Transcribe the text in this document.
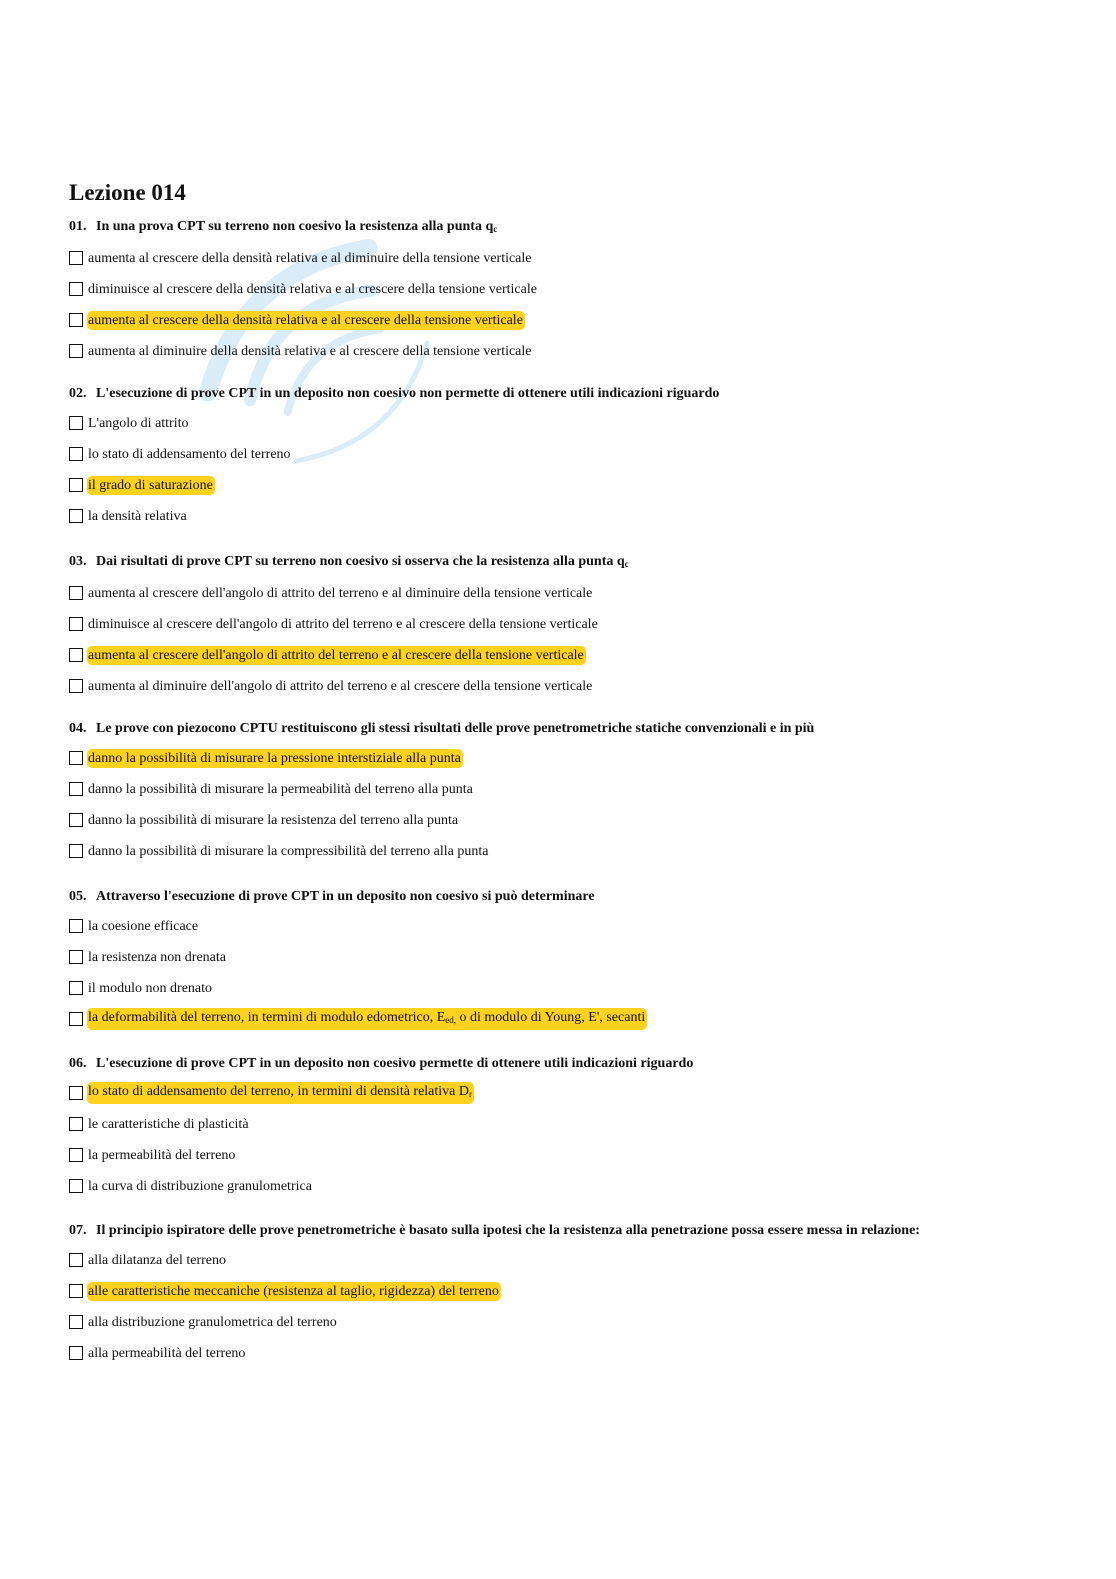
Lezione 014

01. In una prova CPT su terreno non coesivo la resistenza alla punta $q_c$

aumenta al crescere della densità relativa e al diminuire della tensione verticale
diminuisce al crescere della densità relativa e al crescere della tensione verticale
aumenta al crescere della densità relativa e al crescere della tensione verticale
aumenta al diminuire della densità relativa e al crescere della tensione verticale

02. L'esecuzione di prove CPT in un deposito non coesivo non permette di ottenere utili indicazioni riguardo

L'angolo di attrito
lo stato di addensamento del terreno
il grado di saturazione
la densità relativa

03. Dai risultati di prove CPT su terreno non coesivo si osserva che la resistenza alla punta $q_c$

aumenta al crescere dell'angolo di attrito del terreno e al diminuire della tensione verticale
diminuisce al crescere dell'angolo di attrito del terreno e al crescere della tensione verticale
aumenta al crescere dell'angolo di attrito del terreno e al crescere della tensione verticale
aumenta al diminuire dell'angolo di attrito del terreno e al crescere della tensione verticale

04. Le prove con piezocono CPTU restituiscono gli stessi risultati delle prove penetrometriche statiche convenzionali e in più

danno la possibilità di misurare la pressione interstiziale alla punta
danno la possibilità di misurare la permeabilità del terreno alla punta
danno la possibilità di misurare la resistenza del terreno alla punta
danno la possibilità di misurare la compressibilità del terreno alla punta

05. Attraverso l'esecuzione di prove CPT in un deposito non coesivo si può determinare

la coesione efficace
la resistenza non drenata
il modulo non drenato
la deformabilità del terreno, in termini di modulo edometrico, $E_{ed,}$ o di modulo di Young, E', secanti

06. L'esecuzione di prove CPT in un deposito non coesivo permette di ottenere utili indicazioni riguardo

lo stato di addensamento del terreno, in termini di densità relativa $D_r$
le caratteristiche di plasticità
la permeabilità del terreno
la curva di distribuzione granulometrica

07. Il principio ispiratore delle prove penetrometriche è basato sulla ipotesi che la resistenza alla penetrazione possa essere messa in relazione:

alla dilatanza del terreno
alle caratteristiche meccaniche (resistenza al taglio, rigidezza) del terreno
alla distribuzione granulometrica del terreno
alla permeabilità del terreno
